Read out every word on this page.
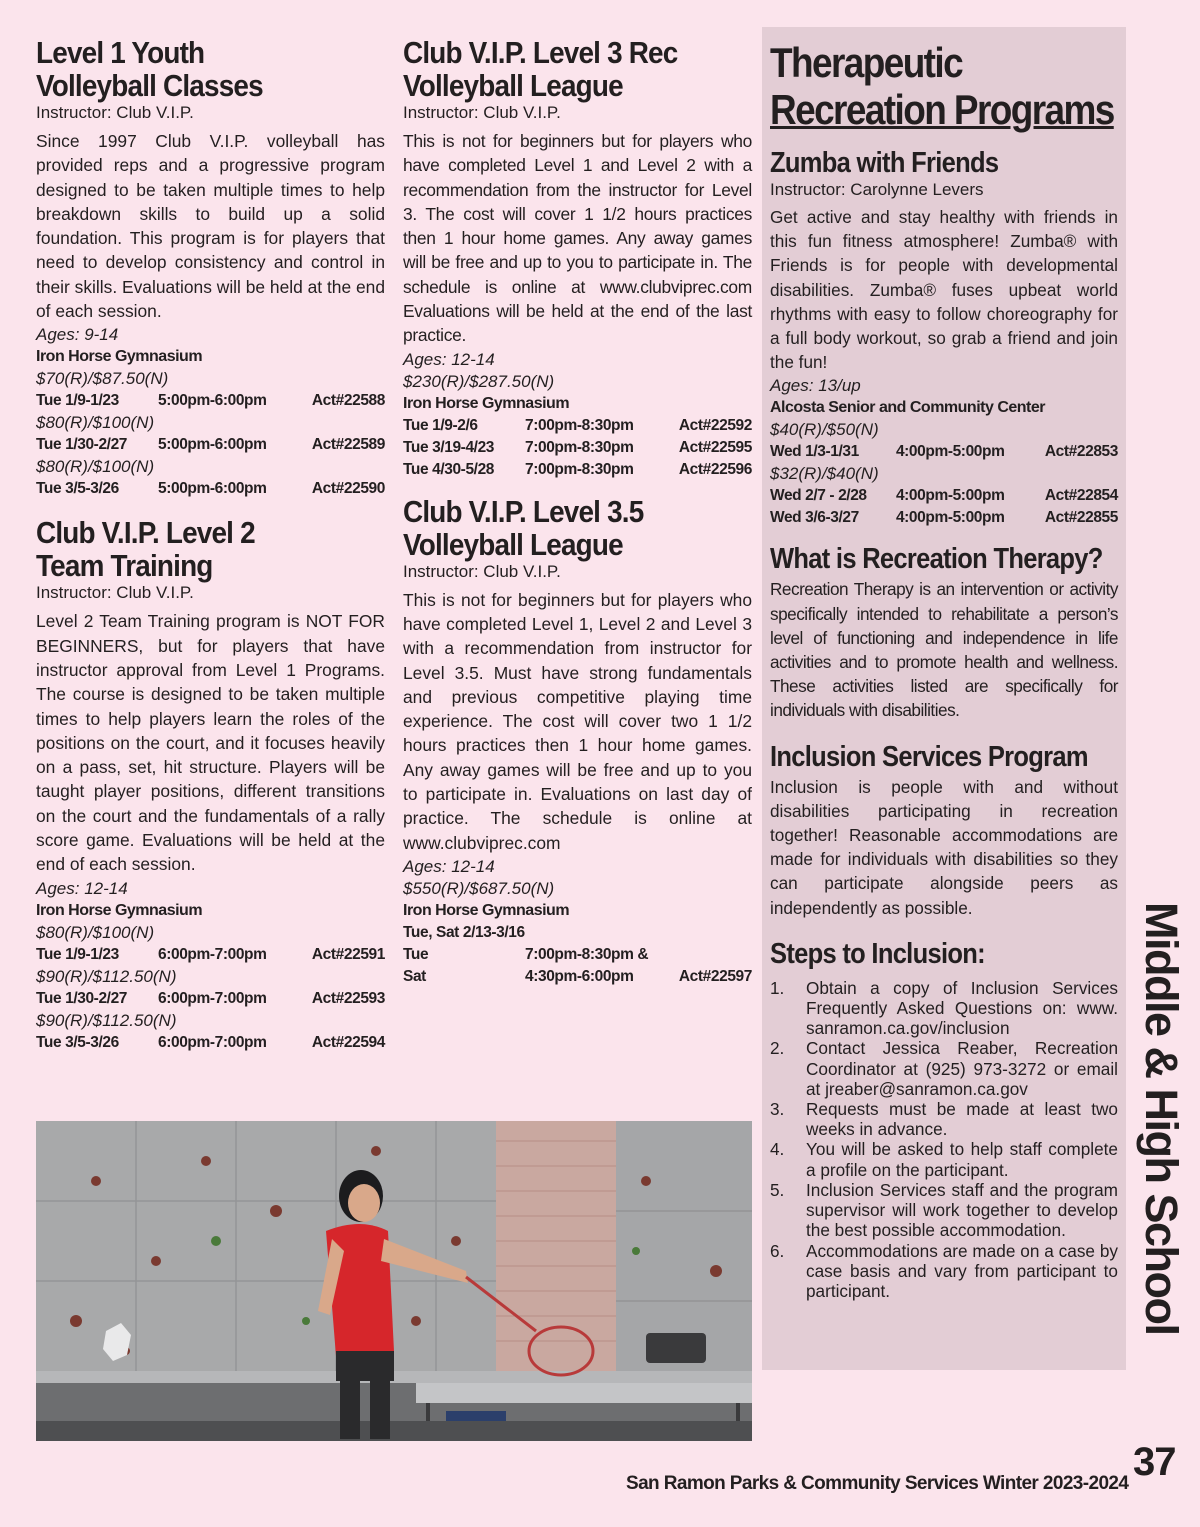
Level 1 Youth
Volleyball Classes
Instructor: Club V.I.P.

Since 1997 Club V.I.P. volleyball has provided reps and a progressive program designed to be taken multiple times to help breakdown skills to build up a solid foundation. This program is for players that need to develop consistency and control in their skills. Evaluations will be held at the end of each session.

Ages: 9-14
Iron Horse Gymnasium
$70(R)/$87.50(N)
Tue 1/9-1/23	5:00pm-6:00pm	Act#22588
$80(R)/$100(N)
Tue 1/30-2/27	5:00pm-6:00pm	Act#22589
$80(R)/$100(N)
Tue 3/5-3/26	5:00pm-6:00pm	Act#22590
Club V.I.P. Level 2
Team Training
Instructor: Club V.I.P.

Level 2 Team Training program is NOT FOR BEGINNERS, but for players that have instructor approval from Level 1 Programs. The course is designed to be taken multiple times to help players learn the roles of the positions on the court, and it focuses heavily on a pass, set, hit structure. Players will be taught player positions, different transitions on the court and the fundamentals of a rally score game. Evaluations will be held at the end of each session.

Ages: 12-14
Iron Horse Gymnasium
$80(R)/$100(N)
Tue 1/9-1/23	6:00pm-7:00pm	Act#22591
$90(R)/$112.50(N)
Tue 1/30-2/27	6:00pm-7:00pm	Act#22593
$90(R)/$112.50(N)
Tue 3/5-3/26	6:00pm-7:00pm	Act#22594
Club V.I.P. Level 3 Rec
Volleyball League
Instructor: Club V.I.P.

This is not for beginners but for players who have completed Level 1 and Level 2 with a recommendation from the instructor for Level 3. The cost will cover 1 1/2 hours practices then 1 hour home games. Any away games will be free and up to you to participate in. The schedule is online at www.clubviprec.com Evaluations will be held at the end of the last practice.

Ages: 12-14
$230(R)/$287.50(N)
Iron Horse Gymnasium
Tue 1/9-2/6	7:00pm-8:30pm	Act#22592
Tue 3/19-4/23	7:00pm-8:30pm	Act#22595
Tue 4/30-5/28	7:00pm-8:30pm	Act#22596
Club V.I.P. Level 3.5
Volleyball League
Instructor: Club V.I.P.

This is not for beginners but for players who have completed Level 1, Level 2 and Level 3 with a recommendation from instructor for Level 3.5. Must have strong fundamentals and previous competitive playing time experience. The cost will cover two 1 1/2 hours practices then 1 hour home games. Any away games will be free and up to you to participate in. Evaluations on last day of practice. The schedule is online at www.clubviprec.com

Ages: 12-14
$550(R)/$687.50(N)
Iron Horse Gymnasium
Tue, Sat 2/13-3/16
Tue	7:00pm-8:30pm &
Sat	4:30pm-6:00pm	Act#22597
Therapeutic
Recreation Programs
Zumba with Friends
Instructor: Carolynne Levers

Get active and stay healthy with friends in this fun fitness atmosphere! Zumba® with Friends is for people with developmental disabilities. Zumba® fuses upbeat world rhythms with easy to follow choreography for a full body workout, so grab a friend and join the fun!

Ages: 13/up
Alcosta Senior and Community Center
$40(R)/$50(N)
Wed 1/3-1/31	4:00pm-5:00pm	Act#22853
$32(R)/$40(N)
Wed 2/7 - 2/28	4:00pm-5:00pm	Act#22854
Wed 3/6-3/27	4:00pm-5:00pm	Act#22855
What is Recreation Therapy?

Recreation Therapy is an intervention or activity specifically intended to rehabilitate a person’s level of functioning and independence in life activities and to promote health and wellness. These activities listed are specifically for individuals with disabilities.

Inclusion Services Program

Inclusion is people with and without disabilities participating in recreation together! Reasonable accommodations are made for individuals with disabilities so they can participate alongside peers as independently as possible.

Steps to Inclusion:
1.	Obtain a copy of Inclusion Services Frequently Asked Questions on: www. sanramon.ca.gov/inclusion
2.	Contact Jessica Reaber, Recreation Coordinator at (925) 973-3272 or email at jreaber@sanramon.ca.gov
3.	Requests must be made at least two weeks in advance.
4.	You will be asked to help staff complete a profile on the participant.
5.	Inclusion Services staff and the program supervisor will work together to develop the best possible accommodation.
6.	Accommodations are made on a case by case basis and vary from participant to participant.	Middle & High School
37
San Ramon Parks & Community Services Winter 2023-2024
